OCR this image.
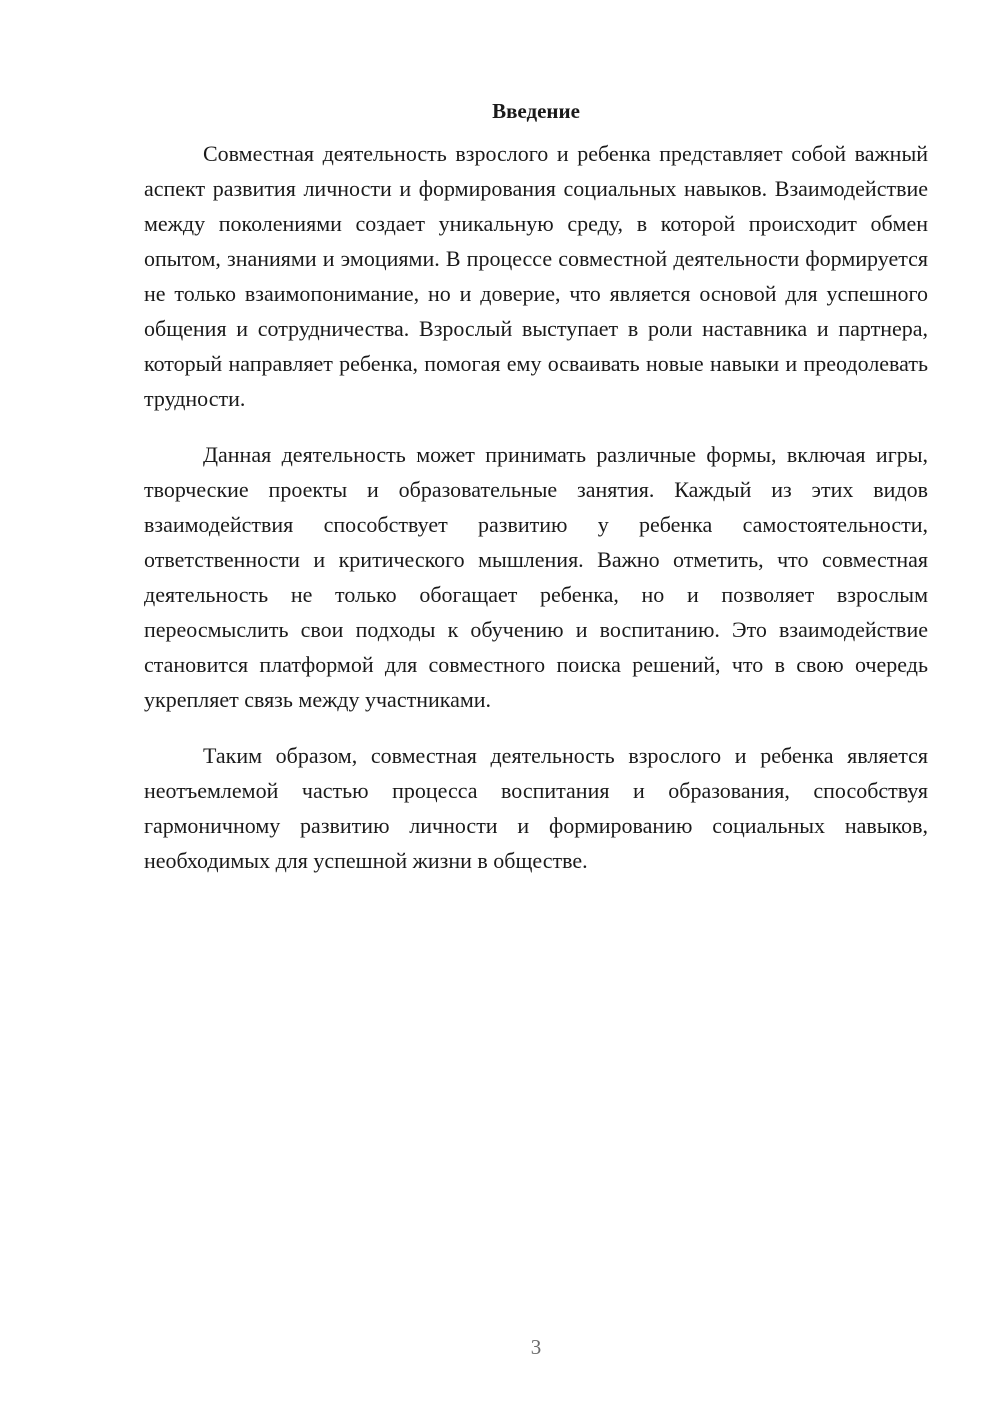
Введение

Совместная деятельность взрослого и ребенка представляет собой важный аспект развития личности и формирования социальных навыков. Взаимодействие между поколениями создает уникальную среду, в которой происходит обмен опытом, знаниями и эмоциями. В процессе совместной деятельности формируется не только взаимопонимание, но и доверие, что является основой для успешного общения и сотрудничества. Взрослый выступает в роли наставника и партнера, который направляет ребенка, помогая ему осваивать новые навыки и преодолевать трудности.

Данная деятельность может принимать различные формы, включая игры, творческие проекты и образовательные занятия. Каждый из этих видов взаимодействия способствует развитию у ребенка самостоятельности, ответственности и критического мышления. Важно отметить, что совместная деятельность не только обогащает ребенка, но и позволяет взрослым переосмыслить свои подходы к обучению и воспитанию. Это взаимодействие становится платформой для совместного поиска решений, что в свою очередь укрепляет связь между участниками.

Таким образом, совместная деятельность взрослого и ребенка является неотъемлемой частью процесса воспитания и образования, способствуя гармоничному развитию личности и формированию социальных навыков, необходимых для успешной жизни в обществе.

3
